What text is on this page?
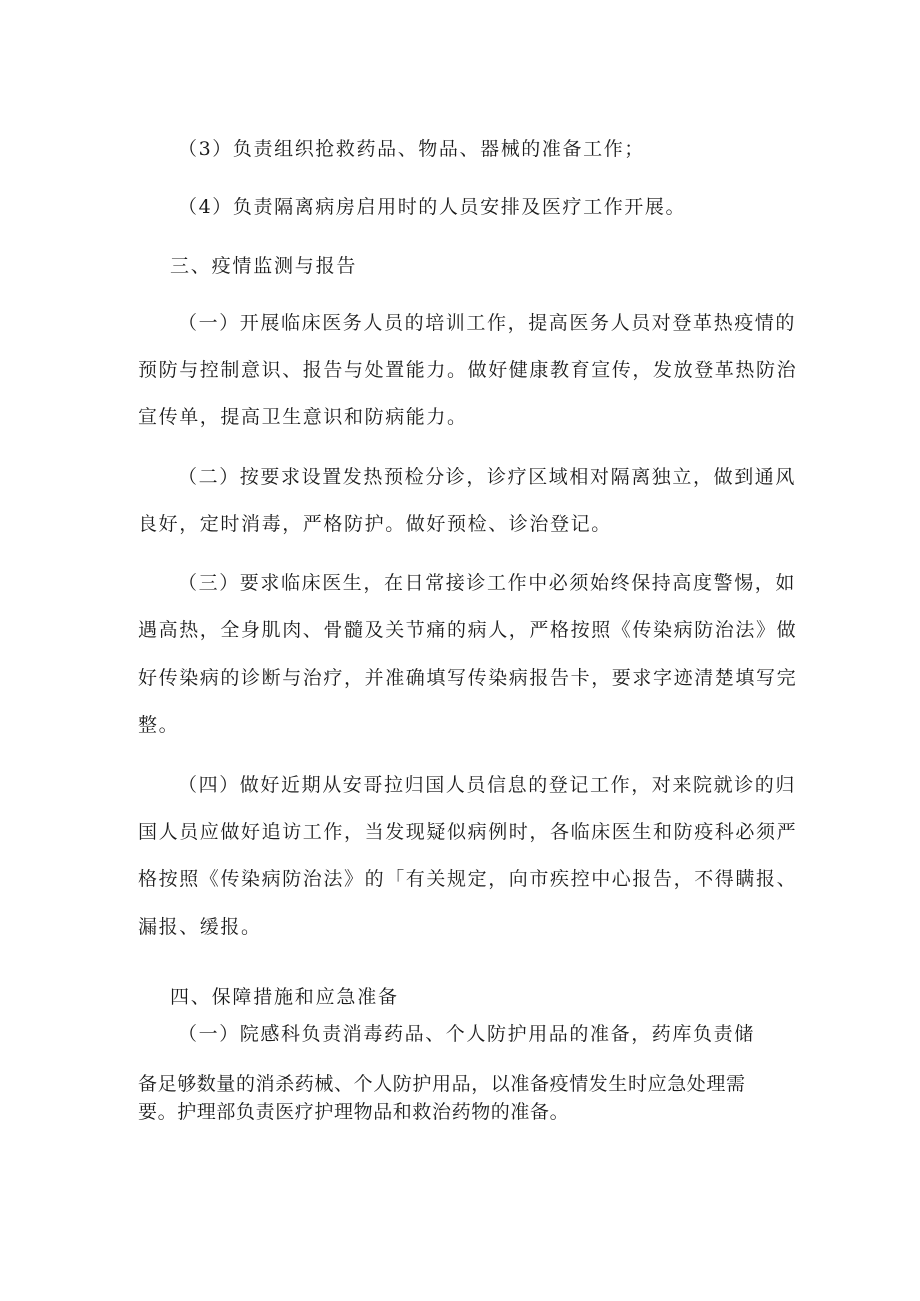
（3）负责组织抢救药品、物品、器械的准备工作；
（4）负责隔离病房启用时的人员安排及医疗工作开展。
三、疫情监测与报告
（一）开展临床医务人员的培训工作，提高医务人员对登革热疫情的
预防与控制意识、报告与处置能力。做好健康教育宣传，发放登革热防治
宣传单，提高卫生意识和防病能力。
（二）按要求设置发热预检分诊，诊疗区域相对隔离独立，做到通风
良好，定时消毒，严格防护。做好预检、诊治登记。
（三）要求临床医生，在日常接诊工作中必须始终保持高度警惕，如
遇高热，全身肌肉、骨髓及关节痛的病人，严格按照《传染病防治法》做
好传染病的诊断与治疗，并准确填写传染病报告卡，要求字迹清楚填写完
整。
（四）做好近期从安哥拉归国人员信息的登记工作，对来院就诊的归
国人员应做好追访工作，当发现疑似病例时，各临床医生和防疫科必须严
格按照《传染病防治法》的「有关规定，向市疾控中心报告，不得瞒报、
漏报、缓报。
四、保障措施和应急准备
（一）院感科负责消毒药品、个人防护用品的准备，药库负责储
备足够数量的消杀药械、个人防护用品，以准备疫情发生时应急处理需
要。护理部负责医疗护理物品和救治药物的准备。
